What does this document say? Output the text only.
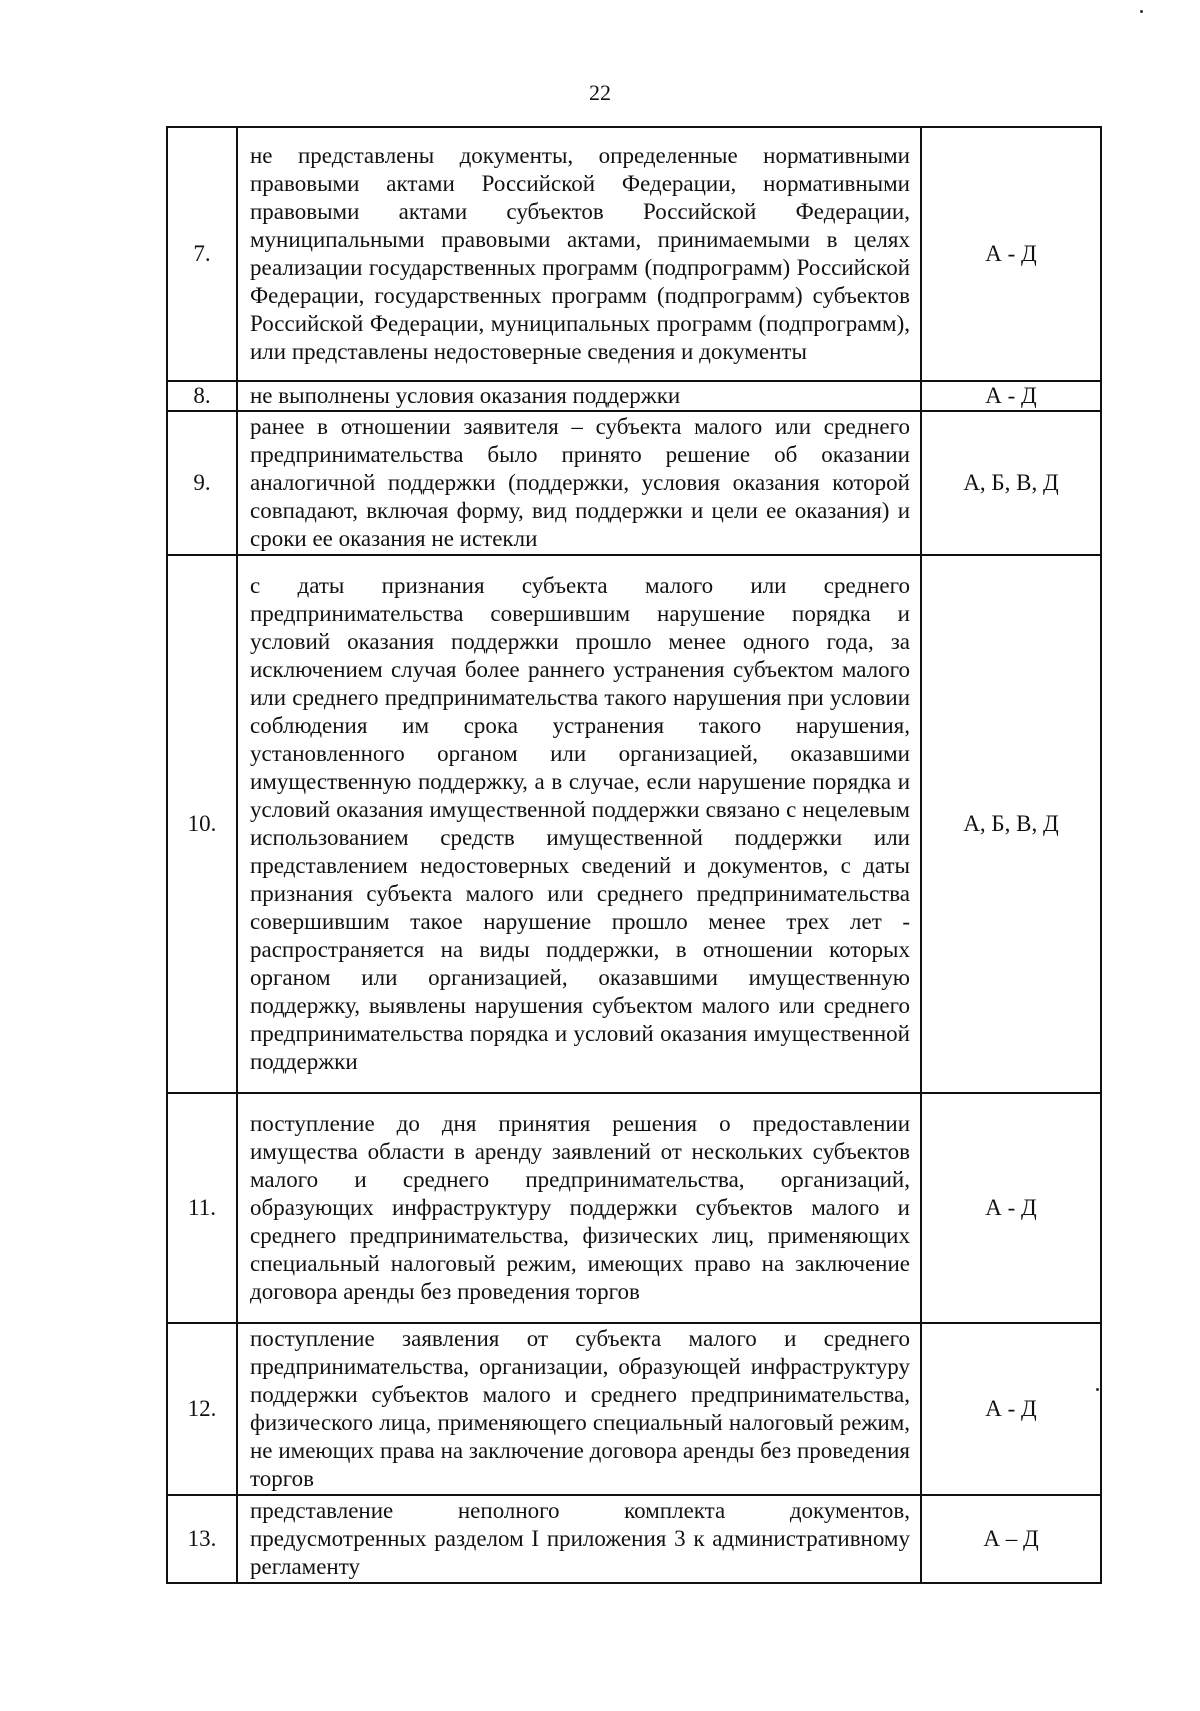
22
7.	не представлены документы, определенные нормативными правовыми актами Российской Федерации, нормативными правовыми актами субъектов Российской Федерации, муниципальными правовыми актами, принимаемыми в целях реализации государственных программ (подпрограмм) Российской Федерации, государственных программ (подпрограмм) субъектов Российской Федерации, муниципальных программ (подпрограмм), или представлены недостоверные сведения и документы	А - Д
8.	не выполнены условия оказания поддержки	А - Д
9.	ранее в отношении заявителя – субъекта малого или среднего предпринимательства было принято решение об оказании аналогичной поддержки (поддержки, условия оказания которой совпадают, включая форму, вид поддержки и цели ее оказания) и сроки ее оказания не истекли	А, Б, В, Д
10.	с даты признания субъекта малого или среднего предпринимательства совершившим нарушение порядка и условий оказания поддержки прошло менее одного года, за исключением случая более раннего устранения субъектом малого или среднего предпринимательства такого нарушения при условии соблюдения им срока устранения такого нарушения, установленного органом или организацией, оказавшими имущественную поддержку, а в случае, если нарушение порядка и условий оказания имущественной поддержки связано с нецелевым использованием средств имущественной поддержки или представлением недостоверных сведений и документов, с даты признания субъекта малого или среднего предпринимательства совершившим такое нарушение прошло менее трех лет - распространяется на виды поддержки, в отношении которых органом или организацией, оказавшими имущественную поддержку, выявлены нарушения субъектом малого или среднего предпринимательства порядка и условий оказания имущественной поддержки	А, Б, В, Д
11.	поступление до дня принятия решения о предоставлении имущества области в аренду заявлений от нескольких субъектов малого и среднего предпринимательства, организаций, образующих инфраструктуру поддержки субъектов малого и среднего предпринимательства, физических лиц, применяющих специальный налоговый режим, имеющих право на заключение договора аренды без проведения торгов	А - Д
12.	поступление заявления от субъекта малого и среднего предпринимательства, организации, образующей инфраструктуру поддержки субъектов малого и среднего предпринимательства, физического лица, применяющего специальный налоговый режим, не имеющих права на заключение договора аренды без проведения торгов	А - Д
13.	представление неполного комплекта документов, предусмотренных разделом I приложения 3 к административному регламенту	А – Д
